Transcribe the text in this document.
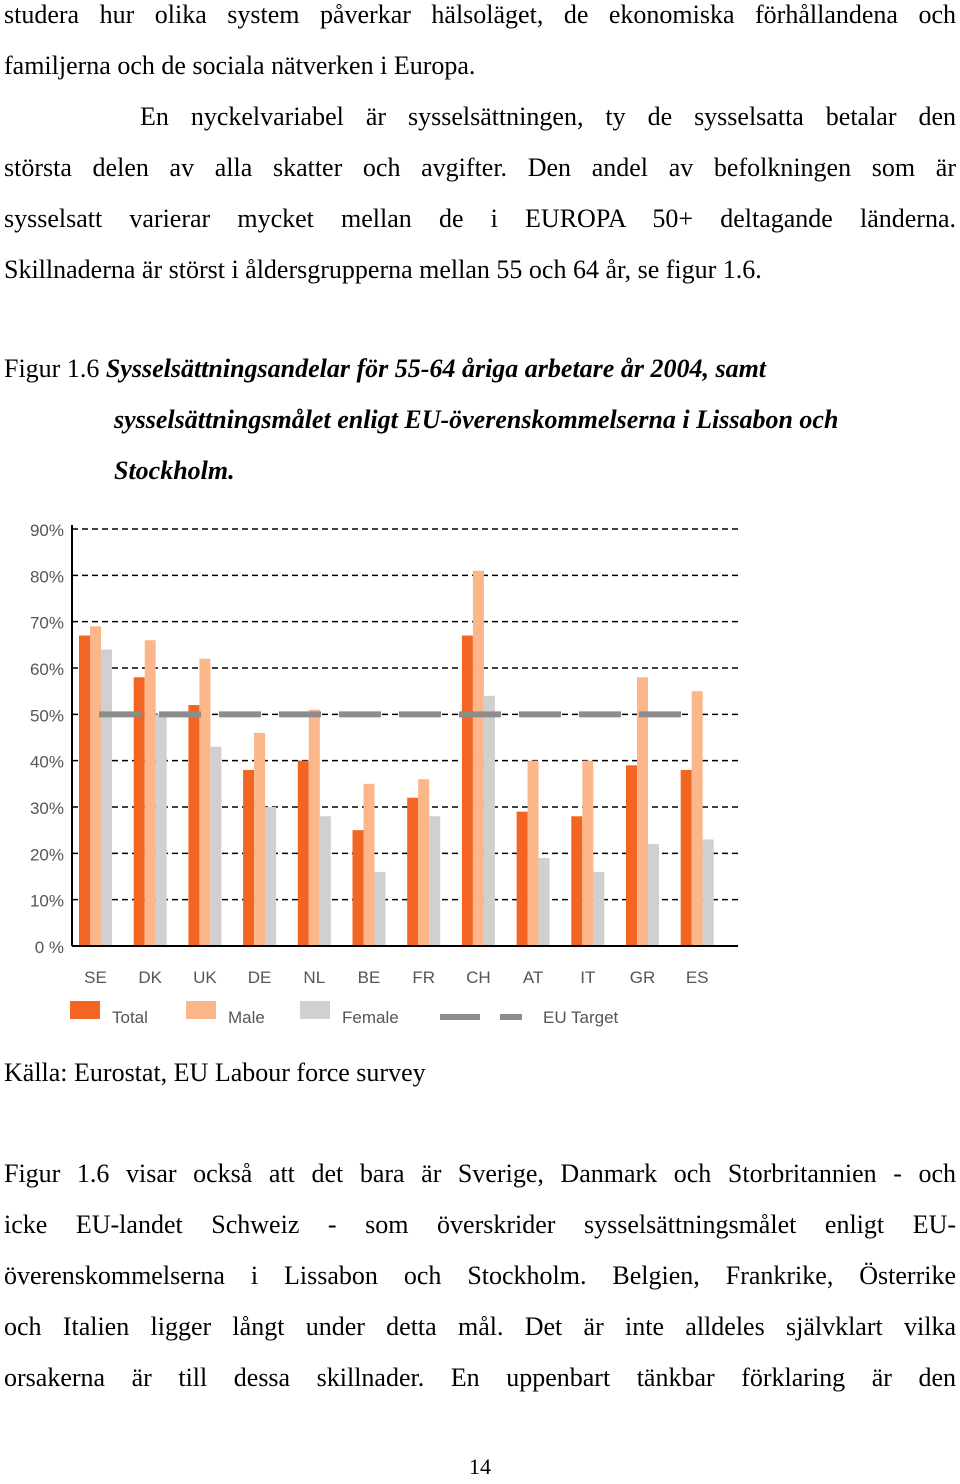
studera hur olika system påverkar hälsoläget, de ekonomiska förhållandena och
familjerna och de sociala nätverken i Europa.
En nyckelvariabel är sysselsättningen, ty de sysselsatta betalar den
största delen av alla skatter och avgifter. Den andel av befolkningen som är
sysselsatt varierar mycket mellan de i EUROPA 50+ deltagande länderna.
Skillnaderna är störst i åldersgrupperna mellan 55 och 64 år, se figur 1.6.
Figur 1.6 Sysselsättningsandelar för 55-64 åriga arbetare år 2004, samt
sysselsättningsmålet enligt EU-överenskommelserna i Lissabon och
Stockholm.
0 %
10%
20%
30%
40%
50%
60%
70%
80%
90%
SE DK UK DE NL BE FR CH AT IT GR ES
Total	Male	Female	EU Target
Källa: Eurostat, EU Labour force survey
Figur 1.6 visar också att det bara är Sverige, Danmark och Storbritannien - och
icke EU-landet Schweiz - som överskrider sysselsättningsmålet enligt EU-
överenskommelserna i Lissabon och Stockholm. Belgien, Frankrike, Österrike
och Italien ligger långt under detta mål. Det är inte alldeles självklart vilka
orsakerna är till dessa skillnader. En uppenbart tänkbar förklaring är den
14
